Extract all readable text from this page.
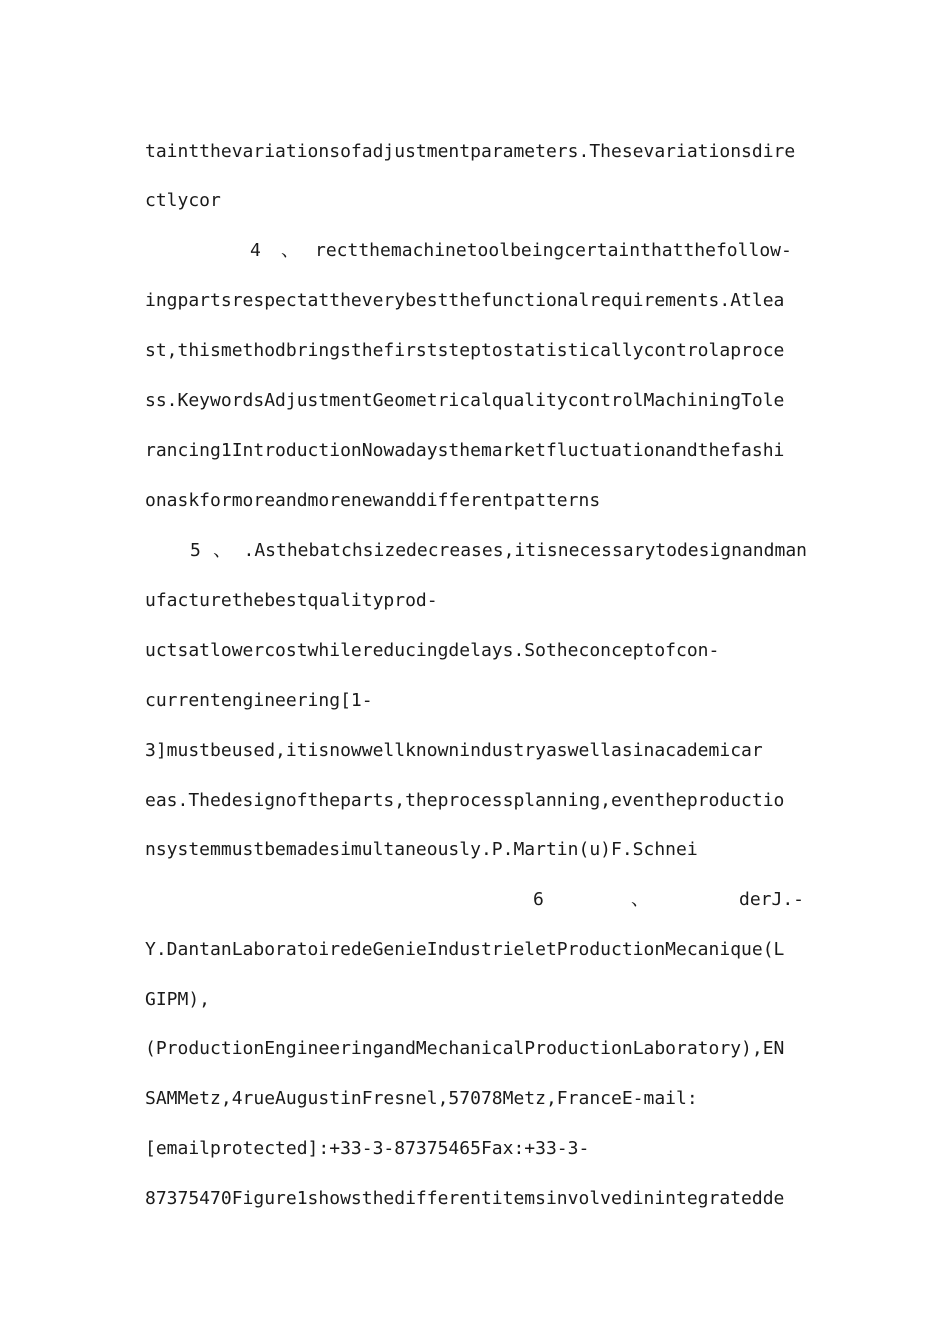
taintthevariationsofadjustmentparameters.Thesevariationsdire
ctlycor

4

、

rectthemachinetoolbeingcertainthatthefollow-

ingpartsrespectattheverybestthefunctionalrequirements.Atlea
st,thismethodbringsthefirststeptostatisticallycontrolaproce
ss.KeywordsAdjustmentGeometricalqualitycontrolMachiningTole
rancing1IntroductionNowadaysthemarketfluctuationandthefashi
onaskformoreandmorenewanddifferentpatterns
5、.Asthebatchsizedecreases,itisnecessarytodesignandman
ufacturethebestqualityprod-
uctsatlowercostwhilereducingdelays.Sotheconceptofcon-
currentengineering[1-
3]mustbeused,itisnowwellknownindustryaswellasinacademicar
eas.Thedesignoftheparts,theprocessplanning,eventheproductio
nsystemmustbemadesimultaneously.P.Martin(u)F.Schnei

6

	、

	derJ.-

Y.DantanLaboratoiredeGenieIndustrieletProductionMecanique(L
GIPM),
(ProductionEngineeringandMechanicalProductionLaboratory),EN
SAMMetz,4rueAugustinFresnel,57078Metz,FranceE-mail:
[emailprotected]:+33-3-87375465Fax:+33-3-
87375470Figure1showsthedifferentitemsinvolvedinintegratedde
